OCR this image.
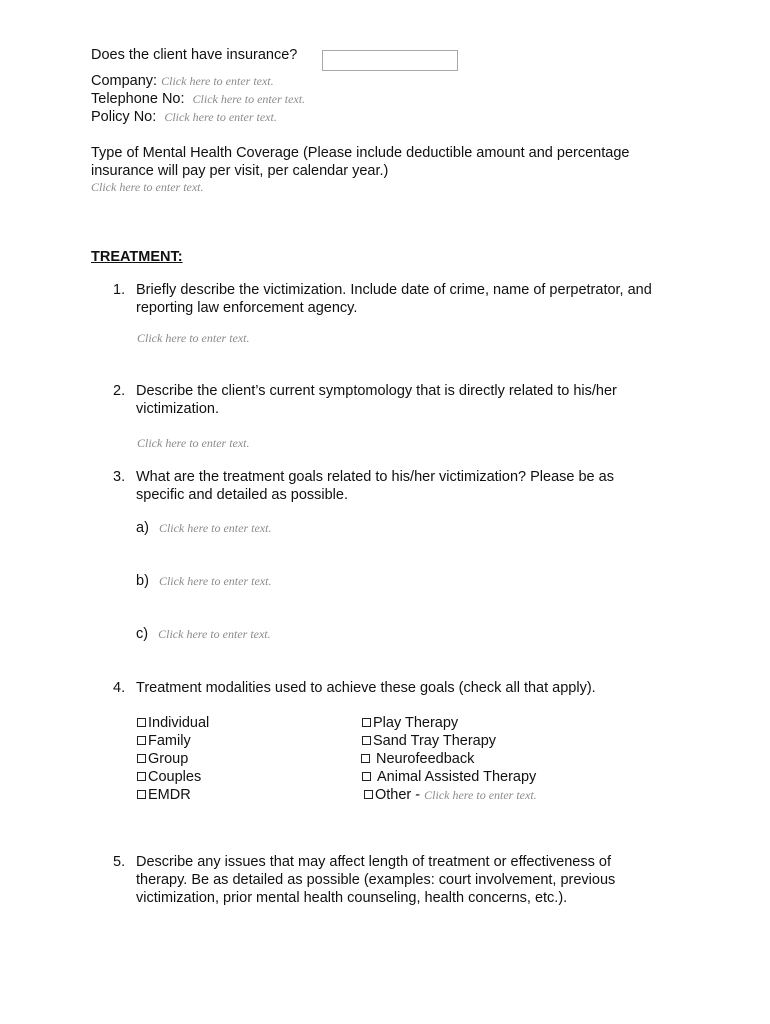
Does the client have insurance?
Company: Click here to enter text.
Telephone No: Click here to enter text.
Policy No: Click here to enter text.
Type of Mental Health Coverage (Please include deductible amount and percentage
insurance will pay per visit, per calendar year.)
Click here to enter text.
TREATMENT:
1. Briefly describe the victimization. Include date of crime, name of perpetrator, and
reporting law enforcement agency.
Click here to enter text.
2. Describe the client’s current symptomology that is directly related to his/her
victimization.
Click here to enter text.
3. What are the treatment goals related to his/her victimization? Please be as
specific and detailed as possible.
a) Click here to enter text.
b) Click here to enter text.
c) Click here to enter text.
4. Treatment modalities used to achieve these goals (check all that apply).
Individual
Family
Group
Couples
EMDR
Play Therapy
Sand Tray Therapy
Neurofeedback
Animal Assisted Therapy
Other - Click here to enter text.
5. Describe any issues that may affect length of treatment or effectiveness of
therapy. Be as detailed as possible (examples: court involvement, previous
victimization, prior mental health counseling, health concerns, etc.).
